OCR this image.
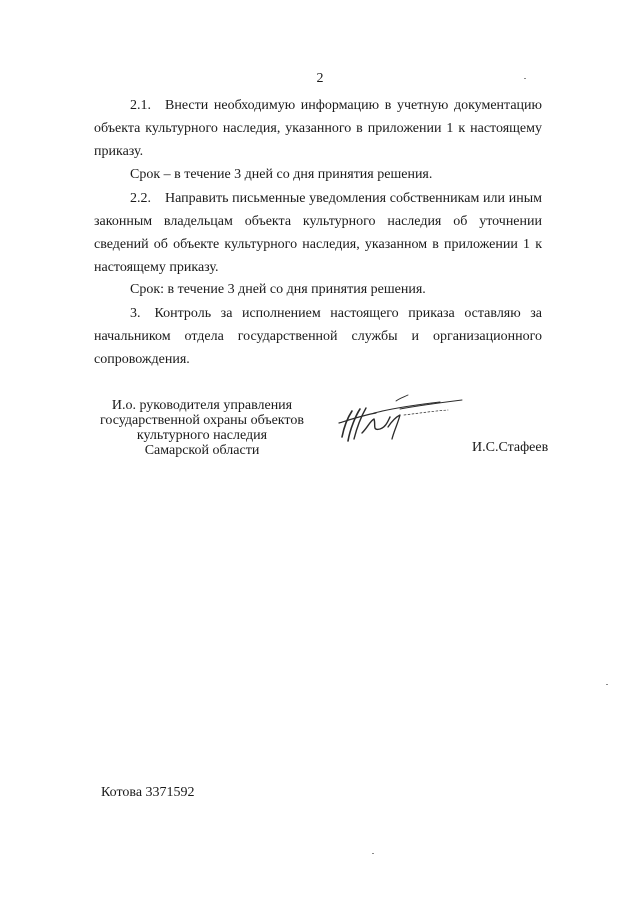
2
2.1. Внести необходимую информацию в учетную документацию объекта культурного наследия, указанного в приложении 1 к настоящему приказу.
Срок – в течение 3 дней со дня принятия решения.
2.2. Направить письменные уведомления собственникам или иным законным владельцам объекта культурного наследия об уточнении сведений об объекте культурного наследия, указанном в приложении 1 к настоящему приказу.
Срок: в течение 3 дней со дня принятия решения.
3. Контроль за исполнением настоящего приказа оставляю за начальником отдела государственной службы и организационного сопровождения.
И.о. руководителя управления
государственной охраны объектов
культурного наследия
Самарской области	И.С.Стафеев
Котова 3371592
